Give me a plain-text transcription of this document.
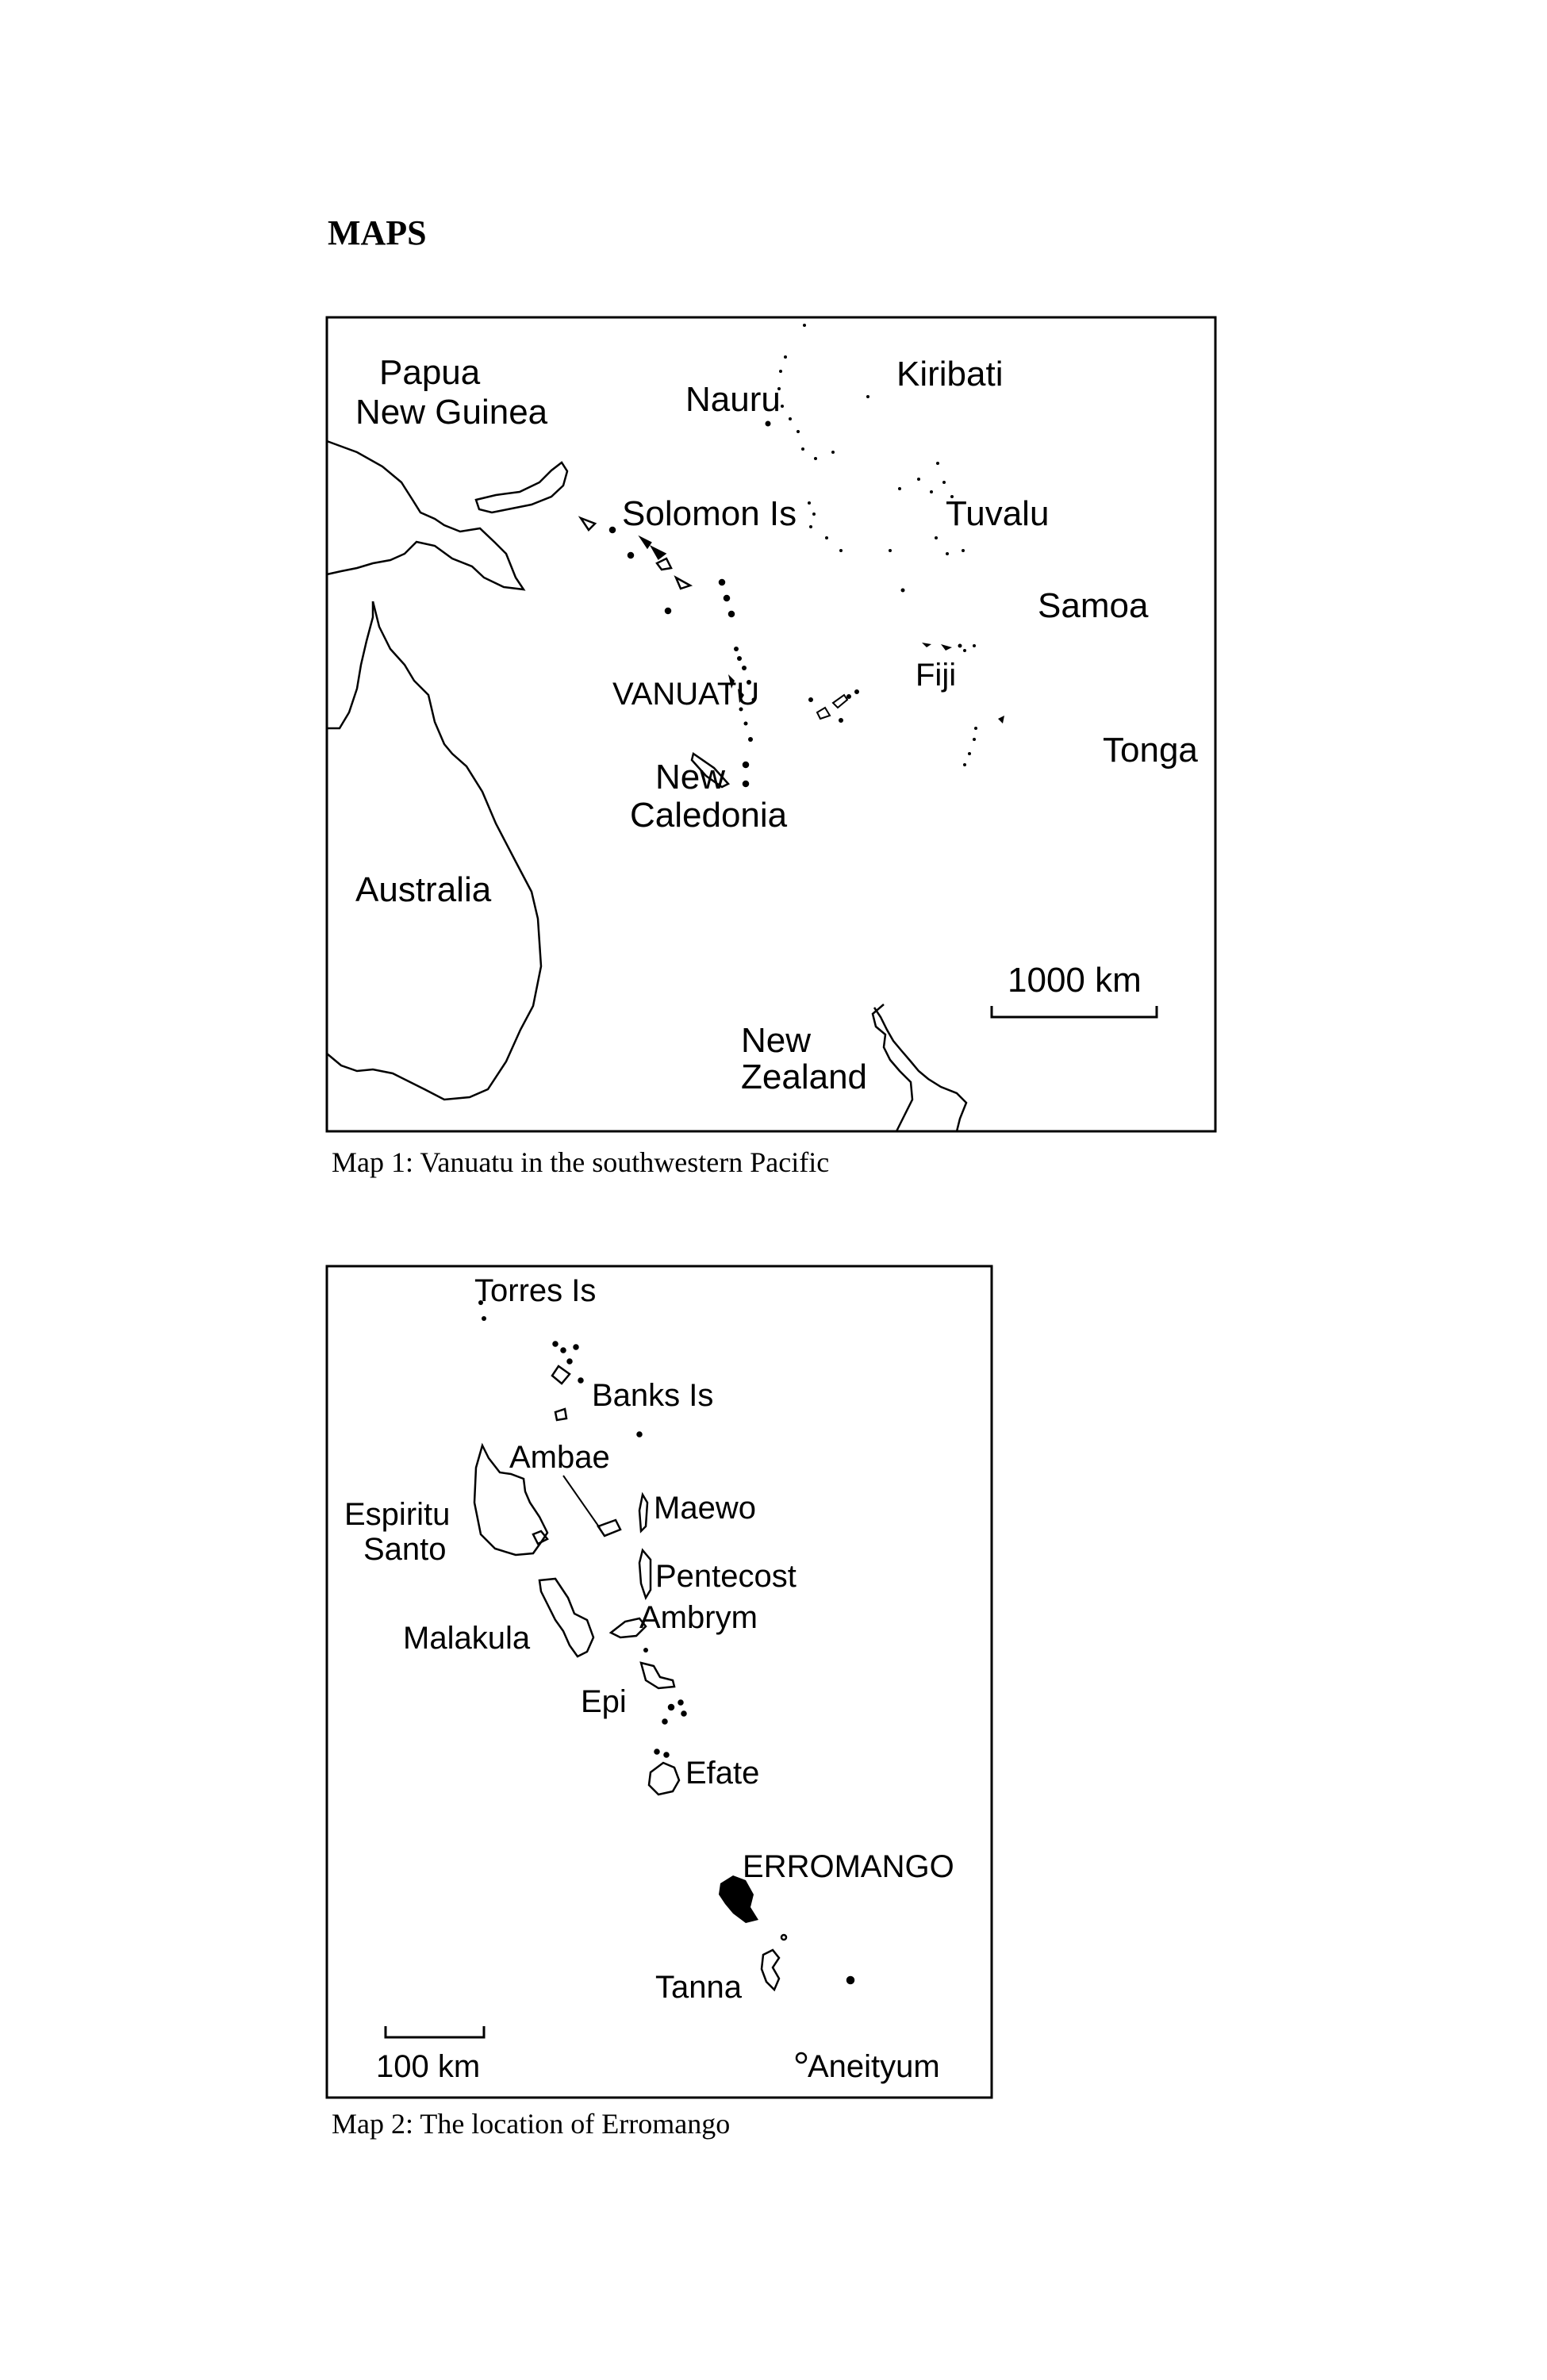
MAPS
Papua
New Guinea	Nauru
Kiribati
Solomon Is	Tuvalu
Samoa
VANUATU
Fiji
Tonga
New
Caledonia
Australia
1000 km
New
Zealand
Map 1: Vanuatu in the southwestern Pacific
Torres Is
Banks Is
Ambae
Espiritu
Santo
Maewo
Pentecost
Ambrym
Malakula
Epi
Efate
ERROMANGO
Tanna
100 km	Aneityum
Map 2: The location of Erromango
